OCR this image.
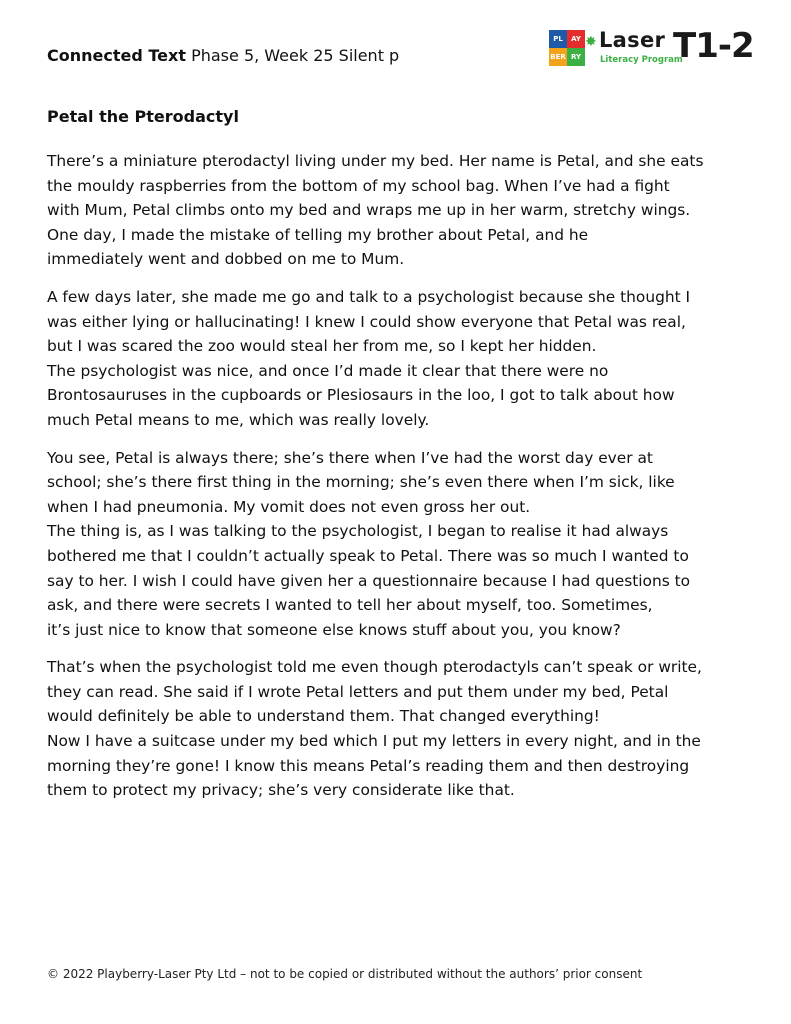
Connected Text Phase 5, Week 25 Silent p
PL	AY
BER RY
✸ Laser
Literacy Program
T1-2
Petal the Pterodactyl
There’s a miniature pterodactyl living under my bed. Her name is Petal, and she eats
the mouldy raspberries from the bottom of my school bag. When I’ve had a fight
with Mum, Petal climbs onto my bed and wraps me up in her warm, stretchy wings.
One day, I made the mistake of telling my brother about Petal, and he
immediately went and dobbed on me to Mum.
A few days later, she made me go and talk to a psychologist because she thought I
was either lying or hallucinating! I knew I could show everyone that Petal was real,
but I was scared the zoo would steal her from me, so I kept her hidden.
The psychologist was nice, and once I’d made it clear that there were no
Brontosauruses in the cupboards or Plesiosaurs in the loo, I got to talk about how
much Petal means to me, which was really lovely.
You see, Petal is always there; she’s there when I’ve had the worst day ever at
school; she’s there first thing in the morning; she’s even there when I’m sick, like
when I had pneumonia. My vomit does not even gross her out.
The thing is, as I was talking to the psychologist, I began to realise it had always
bothered me that I couldn’t actually speak to Petal. There was so much I wanted to
say to her. I wish I could have given her a questionnaire because I had questions to
ask, and there were secrets I wanted to tell her about myself, too. Sometimes,
it’s just nice to know that someone else knows stuff about you, you know?
That’s when the psychologist told me even though pterodactyls can’t speak or write,
they can read. She said if I wrote Petal letters and put them under my bed, Petal
would definitely be able to understand them. That changed everything!
Now I have a suitcase under my bed which I put my letters in every night, and in the
morning they’re gone! I know this means Petal’s reading them and then destroying
them to protect my privacy; she’s very considerate like that.
© 2022 Playberry-Laser Pty Ltd – not to be copied or distributed without the authors’ prior consent
